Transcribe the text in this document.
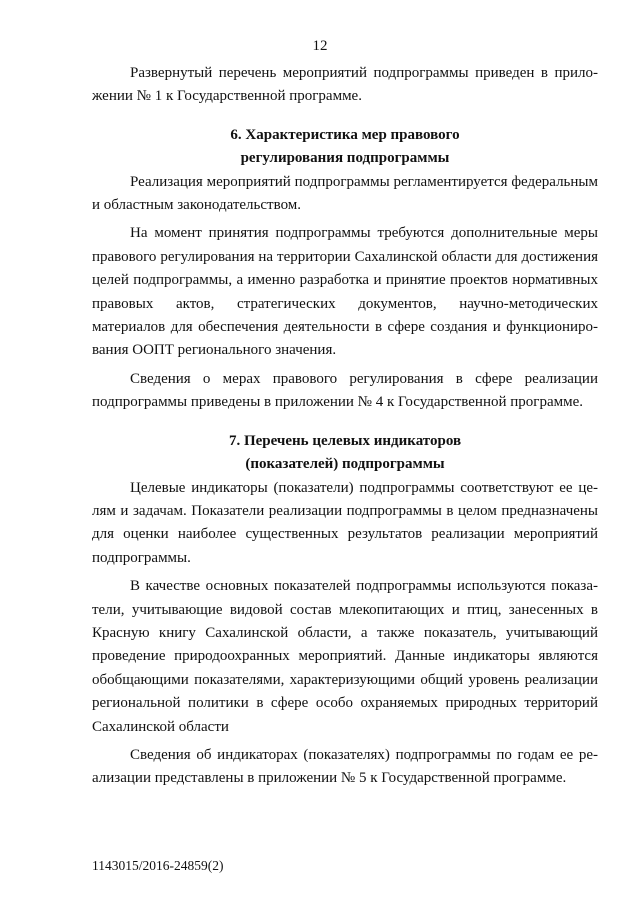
12

Развернутый перечень мероприятий подпрограммы приведен в приложении № 1 к Государственной программе.

6. Характеристика мер правового
регулирования подпрограммы

Реализация мероприятий подпрограммы регламентируется федеральным и областным законодательством.

На момент принятия подпрограммы требуются дополнительные меры правового регулирования на территории Сахалинской области для достижения целей подпрограммы, а именно разработка и принятие проектов нормативных правовых актов, стратегических документов, научно-методических материалов для обеспечения деятельности в сфере создания и функционирования ООПТ регионального значения.

Сведения о мерах правового регулирования в сфере реализации подпрограммы приведены в приложении № 4 к Государственной программе.

7. Перечень целевых индикаторов
(показателей) подпрограммы

Целевые индикаторы (показатели) подпрограммы соответствуют ее целям и задачам. Показатели реализации подпрограммы в целом предназначены для оценки наиболее существенных результатов реализации мероприятий подпрограммы.

В качестве основных показателей подпрограммы используются показатели, учитывающие видовой состав млекопитающих и птиц, занесенных в Красную книгу Сахалинской области, а также показатель, учитывающий проведение природоохранных мероприятий. Данные индикаторы являются обобщающими показателями, характеризующими общий уровень реализации региональной политики в сфере особо охраняемых природных территорий Сахалинской области

Сведения об индикаторах (показателях) подпрограммы по годам ее реализации представлены в приложении № 5 к Государственной программе.

1143015/2016-24859(2)
